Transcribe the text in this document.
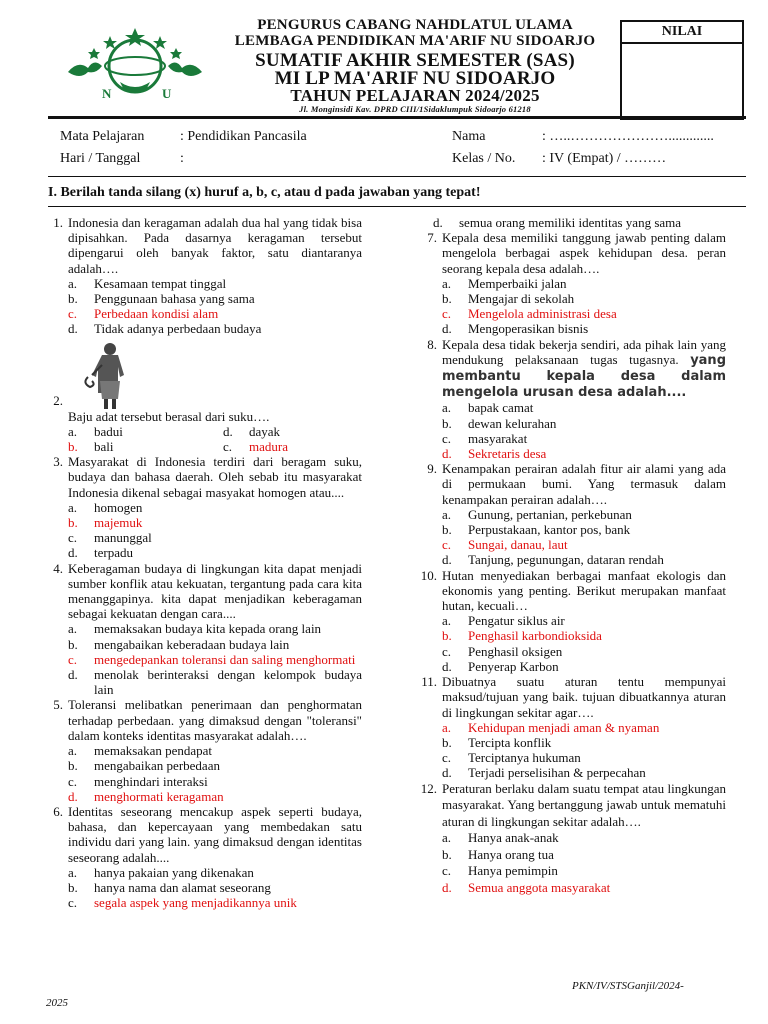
N	U
PENGURUS CABANG NAHDLATUL ULAMA
LEMBAGA PENDIDIKAN MA'ARIF NU SIDOARJO
SUMATIF AKHIR SEMESTER (SAS)
MI LP MA'ARIF NU SIDOARJO
TAHUN PELAJARAN 2024/2025
Jl. Monginsidi Kav. DPRD CIII/1Sidaklumpuk Sidoarjo 61218
NILAI
Mata Pelajaran	: Pendidikan Pancasila
Hari / Tanggal	:
Nama	: …..………………….............
Kelas / No. : IV (Empat) / ………
I. Berilah tanda silang (x) huruf a, b, c, atau d pada jawaban yang tepat!
1. Indonesia dan keragaman adalah dua hal yang tidak bisa dipisahkan. Pada dasarnya keragaman tersebut dipengarui oleh banyak faktor, satu diantaranya adalah….
a.	Kesamaan tempat tinggal
b.	Penggunaan bahasa yang sama
c.	Perbedaan kondisi alam
d.	Tidak adanya perbedaan budaya
2.
Baju adat tersebut berasal dari suku….
a.	badui	d.	dayak
b.	bali	c.	madura
3. Masyarakat di Indonesia terdiri dari beragam suku, budaya dan bahasa daerah. Oleh sebab itu masyarakat Indonesia dikenal sebagai masyakat homogen atau....
a.	homogen
b.	majemuk
c.	manunggal
d.	terpadu
4. Keberagaman budaya di lingkungan kita dapat menjadi sumber konflik atau kekuatan, tergantung pada cara kita menanggapinya. kita dapat menjadikan keberagaman sebagai kekuatan dengan cara....
a.	memaksakan budaya kita kepada orang lain
b.	mengabaikan keberadaan budaya lain
c.	mengedepankan toleransi dan saling menghormati
d.	menolak berinteraksi dengan kelompok budaya lain
5. Toleransi melibatkan penerimaan dan penghormatan terhadap perbedaan. yang dimaksud dengan "toleransi" dalam konteks identitas masyarakat adalah….
a.	memaksakan pendapat
b.	mengabaikan perbedaan
c.	menghindari interaksi
d.	menghormati keragaman
6. Identitas seseorang mencakup aspek seperti budaya, bahasa, dan kepercayaan yang membedakan satu individu dari yang lain. yang dimaksud dengan identitas seseorang adalah....
a.	hanya pakaian yang dikenakan
b.	hanya nama dan alamat seseorang
c.	segala aspek yang menjadikannya unik
d.	semua orang memiliki identitas yang sama
7. Kepala desa memiliki tanggung jawab penting dalam mengelola berbagai aspek kehidupan desa. peran seorang kepala desa adalah….
a.	Memperbaiki jalan
b.	Mengajar di sekolah
c.	Mengelola administrasi desa
d.	Mengoperasikan bisnis
8. Kepala desa tidak bekerja sendiri, ada pihak lain yang mendukung pelaksanaan tugas tugasnya. yang membantu kepala desa dalam mengelola urusan desa adalah....
a.	bapak camat
b.	dewan kelurahan
c.	masyarakat
d.	Sekretaris desa
9. Kenampakan perairan adalah fitur air alami yang ada di permukaan bumi. Yang termasuk dalam kenampakan perairan adalah….
a.	Gunung, pertanian, perkebunan
b.	Perpustakaan, kantor pos, bank
c.	Sungai, danau, laut
d.	Tanjung, pegunungan, dataran rendah
10. Hutan menyediakan berbagai manfaat ekologis dan ekonomis yang penting. Berikut merupakan manfaat hutan, kecuali…
a.	Pengatur siklus air
b.	Penghasil karbondioksida
c.	Penghasil oksigen
d.	Penyerap Karbon
11. Dibuatnya suatu aturan tentu mempunyai maksud/tujuan yang baik. tujuan dibuatkannya aturan di lingkungan sekitar agar….
a.	Kehidupan menjadi aman & nyaman
b.	Tercipta konflik
c.	Terciptanya hukuman
d.	Terjadi perselisihan & perpecahan
12. Peraturan berlaku dalam suatu tempat atau lingkungan masyarakat. Yang bertanggung jawab untuk mematuhi aturan di lingkungan sekitar adalah….
a.	Hanya anak-anak
b.	Hanya orang tua
c.	Hanya pemimpin
d.	Semua anggota masyarakat
PKN/IV/STSGanjil/2024-
2025
